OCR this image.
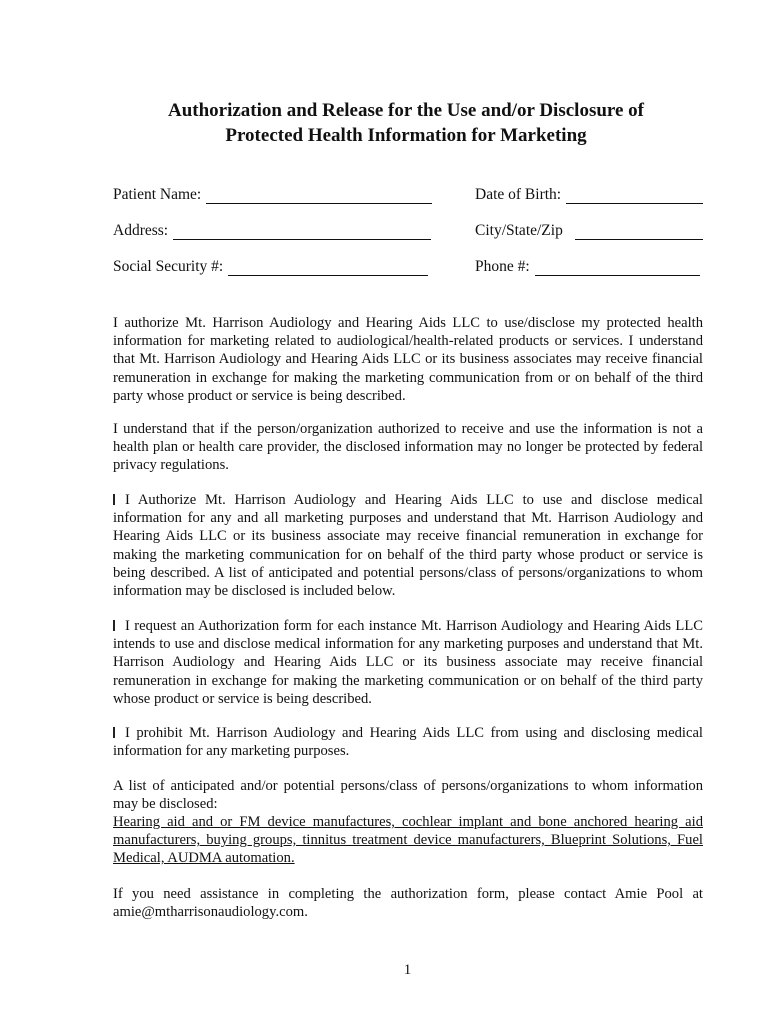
Authorization and Release for the Use and/or Disclosure of
Protected Health Information for Marketing
Patient Name:	Date of Birth:
Address:	City/State/Zip
Social Security #:	Phone #:

I authorize Mt. Harrison Audiology and Hearing Aids LLC to use/disclose my protected health information for marketing related to audiological/health-related products or services. I understand that Mt. Harrison Audiology and Hearing Aids LLC or its business associates may receive financial remuneration in exchange for making the marketing communication from or on behalf of the third party whose product or service is being described.

I understand that if the person/organization authorized to receive and use the information is not a health plan or health care provider, the disclosed information may no longer be protected by federal privacy regulations.

I Authorize Mt. Harrison Audiology and Hearing Aids LLC to use and disclose medical information for any and all marketing purposes and understand that Mt. Harrison Audiology and Hearing Aids LLC or its business associate may receive financial remuneration in exchange for making the marketing communication for on behalf of the third party whose product or service is being described. A list of anticipated and potential persons/class of persons/organizations to whom information may be disclosed is included below.

I request an Authorization form for each instance Mt. Harrison Audiology and Hearing Aids LLC intends to use and disclose medical information for any marketing purposes and understand that Mt. Harrison Audiology and Hearing Aids LLC or its business associate may receive financial remuneration in exchange for making the marketing communication or on behalf of the third party whose product or service is being described.

I prohibit Mt. Harrison Audiology and Hearing Aids LLC from using and disclosing medical information for any marketing purposes.

A list of anticipated and/or potential persons/class of persons/organizations to whom information may be disclosed:

Hearing aid and or FM device manufactures, cochlear implant and bone anchored hearing aid manufacturers, buying groups, tinnitus treatment device manufacturers, Blueprint Solutions, Fuel Medical, AUDMA automation.

If you need assistance in completing the authorization form, please contact Amie Pool at amie@mtharrisonaudiology.com.

1
